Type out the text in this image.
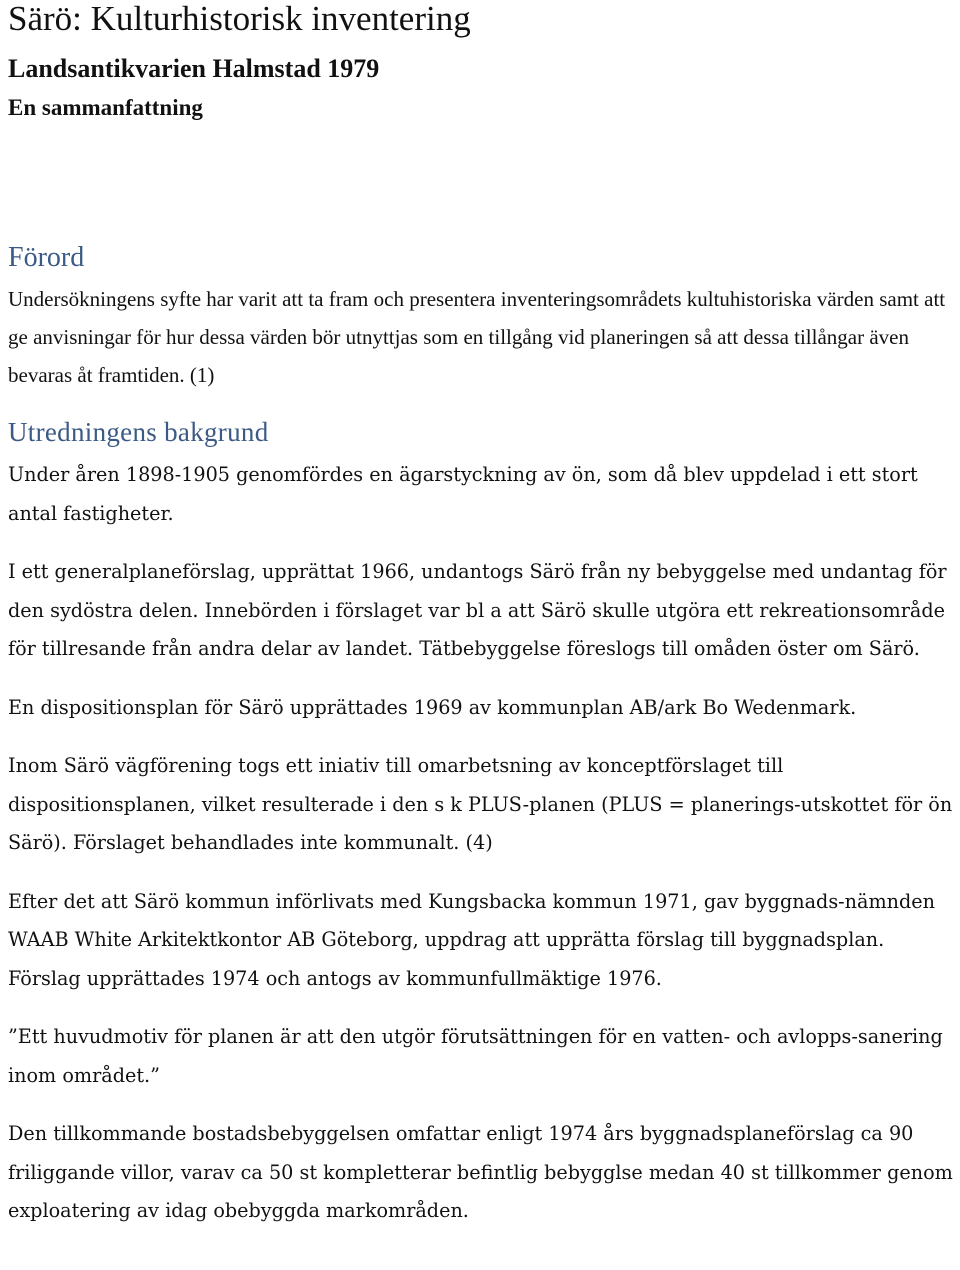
Särö: Kulturhistorisk inventering
Landsantikvarien Halmstad 1979
En sammanfattning
Förord

Undersökningens syfte har varit att ta fram och presentera inventeringsområdets kultuhistoriska värden samt att ge anvisningar för hur dessa värden bör utnyttjas som en tillgång vid planeringen så att dessa tillångar även bevaras åt framtiden. (1)

Utredningens bakgrund

Under åren 1898-1905 genomfördes en ägarstyckning av ön, som då blev uppdelad i ett stort antal fastigheter.

I ett generalplaneförslag, upprättat 1966, undantogs Särö från ny bebyggelse med undantag för den sydöstra delen. Innebörden i förslaget var bl a att Särö skulle utgöra ett rekreationsområde för tillresande från andra delar av landet. Tätbebyggelse föreslogs till omåden öster om Särö.

En dispositionsplan för Särö upprättades 1969 av kommunplan AB/ark Bo Wedenmark.

Inom Särö vägförening togs ett iniativ till omarbetsning av konceptförslaget till dispositionsplanen, vilket resulterade i den s k PLUS-planen (PLUS = planerings-utskottet för ön Särö). Förslaget behandlades inte kommunalt. (4)

Efter det att Särö kommun införlivats med Kungsbacka kommun 1971, gav byggnads-nämnden WAAB White Arkitektkontor AB Göteborg, uppdrag att upprätta förslag till byggnadsplan. Förslag upprättades 1974 och antogs av kommunfullmäktige 1976.

”Ett huvudmotiv för planen är att den utgör förutsättningen för en vatten- och avlopps-sanering inom området.”

Den tillkommande bostadsbebyggelsen omfattar enligt 1974 års byggnadsplaneförslag ca 90 friliggande villor, varav ca 50 st kompletterar befintlig bebygglse medan 40 st tillkommer genom exploatering av idag obebyggda markområden.
